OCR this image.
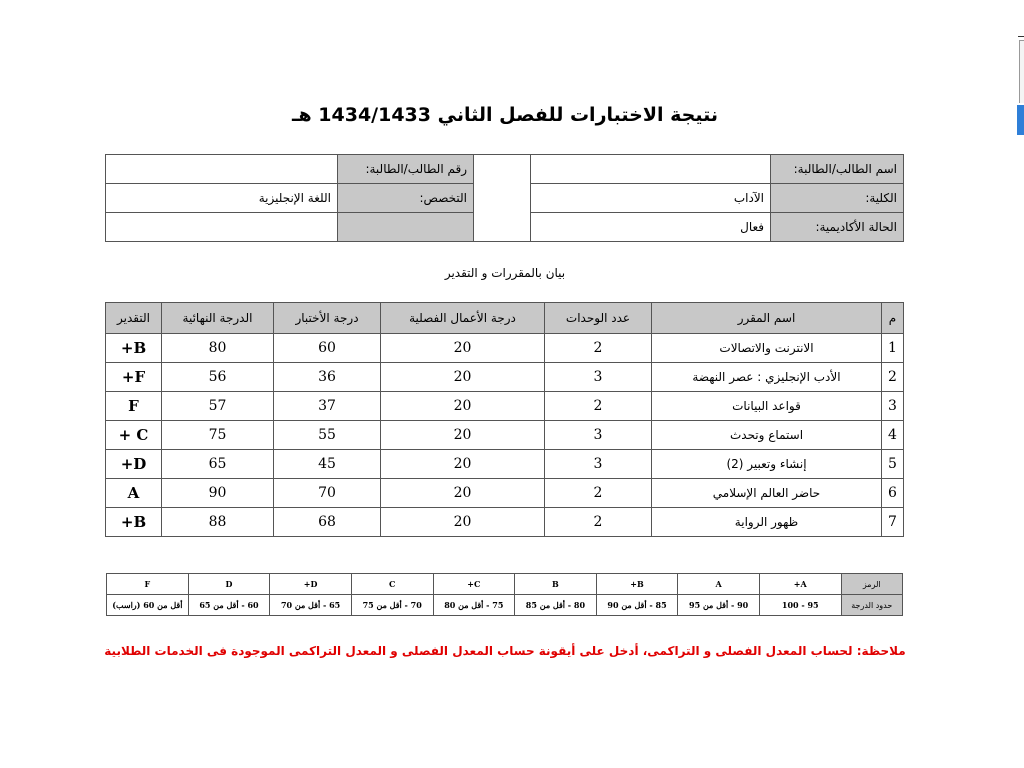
نتيجة الاختبارات للفصل الثاني 1434/1433 هـ
اسم الطالب/الطالبة:			رقم الطالب/الطالبة:	
الكلية:	الآداب		التخصص:	اللغة الإنجليزية
الحالة الأكاديمية:	فعال			
بيان بالمقررات و التقدير
م	اسم المقرر	عدد الوحدات	درجة الأعمال الفصلية	درجة الأختبار	الدرجة النهائية	التقدير
1	الانترنت والاتصالات	2	20	60	80	B+
2	الأدب الإنجليزي : عصر النهضة	3	20	36	56	F+
3	قواعد البيانات	2	20	37	57	F
4	استماع وتحدث	3	20	55	75	C +
5	إنشاء وتعبير (2)	3	20	45	65	D+
6	حاضر العالم الإسلامي	2	20	70	90	A
7	ظهور الرواية	2	20	68	88	B+
الرمز	A+	A	B+	B	C+	C	D+	D	F
حدود الدرجة	95 - 100	90 - أقل من 95	85 - أقل من 90	80 - أقل من 85	75 - أقل من 80	70 - أقل من 75	65 - أقل من 70	60 - أقل من 65	أقل من 60 (راسب)
ملاحظة: لحساب المعدل الفصلى و التراكمى، أدخل على أيقونة حساب المعدل الفصلى و المعدل التراكمى الموجودة فى الخدمات الطلابية
